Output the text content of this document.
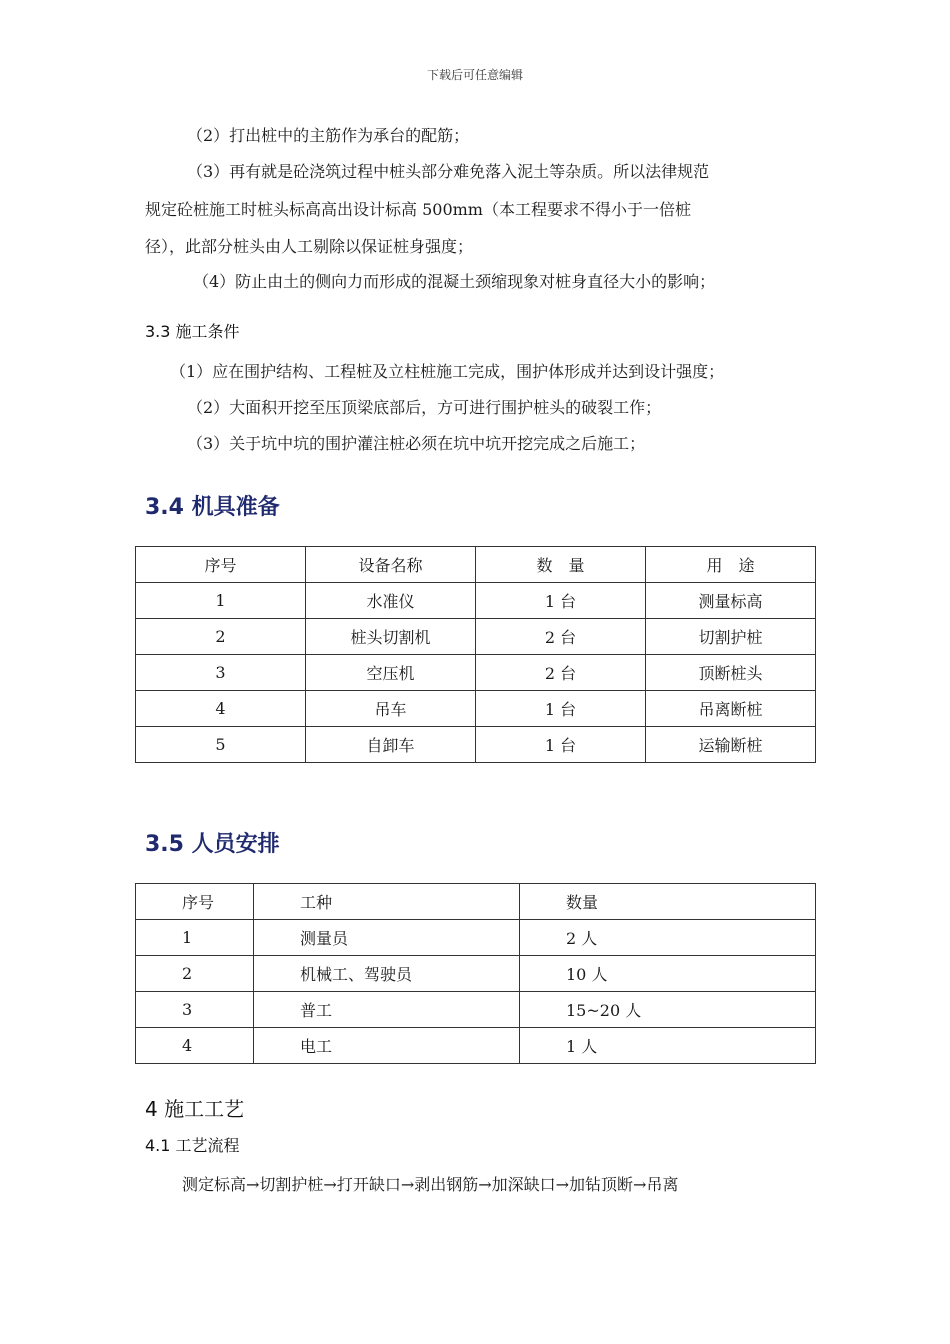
下载后可任意编辑
（2）打出桩中的主筋作为承台的配筋；
（3）再有就是砼浇筑过程中桩头部分难免落入泥土等杂质。所以法律规范
规定砼桩施工时桩头标高高出设计标高 500mm（本工程要求不得小于一倍桩
径），此部分桩头由人工剔除以保证桩身强度；
（4）防止由土的侧向力而形成的混凝土颈缩现象对桩身直径大小的影响；
3.3 施工条件
（1）应在围护结构、工程桩及立柱桩施工完成，围护体形成并达到设计强度；
（2）大面积开挖至压顶梁底部后，方可进行围护桩头的破裂工作；
（3）关于坑中坑的围护灌注桩必须在坑中坑开挖完成之后施工；
3.4 机具准备
序号	设备名称	数　量	用　途
1	水准仪	1 台	测量标高
2	桩头切割机	2 台	切割护桩
3	空压机	2 台	顶断桩头
4	吊车	1 台	吊离断桩
5	自卸车	1 台	运输断桩
3.5 人员安排
序号	工种	数量
1	测量员	2 人
2	机械工、驾驶员	10 人
3	普工	15~20 人
4	电工	1 人
4 施工工艺
4.1 工艺流程
测定标高→切割护桩→打开缺口→剥出钢筋→加深缺口→加钻顶断→吊离
